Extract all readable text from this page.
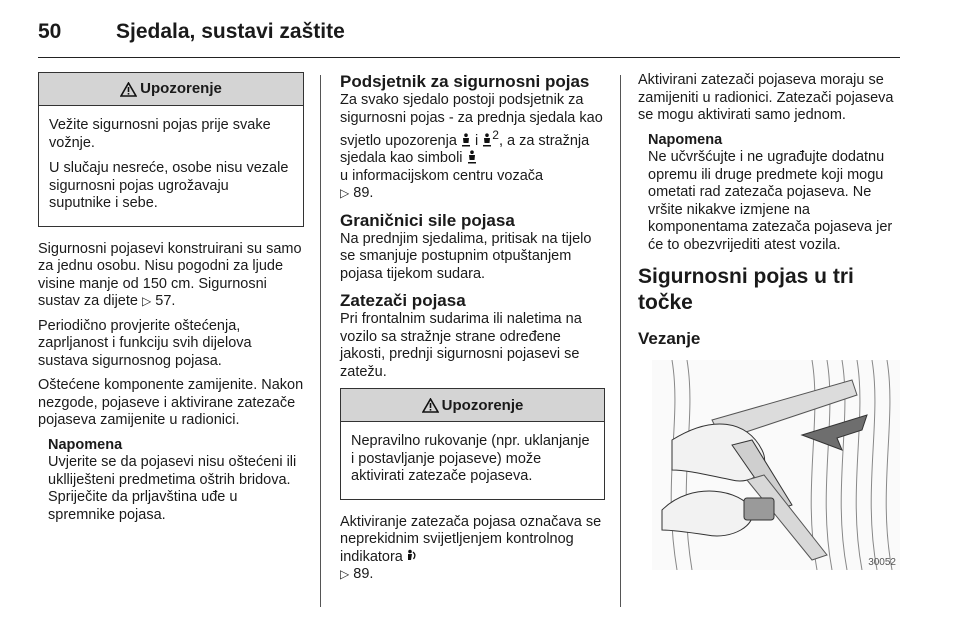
50	Sjedala, sustavi zaštite
Upozorenje

Vežite sigurnosni pojas prije svake vožnje.

U slučaju nesreće, osobe nisu vezale sigurnosni pojas ugrožavaju suputnike i sebe.

Sigurnosni pojasevi konstruirani su samo za jednu osobu. Nisu pogodni za ljude visine manje od 150 cm. Sigurnosni sustav za dijete ▷ 57.

Periodično provjerite oštećenja, zaprljanost i funkciju svih dijelova sustava sigurnosnog pojasa.

Oštećene komponente zamijenite. Nakon nezgode, pojaseve i aktivirane zatezače pojaseva zamijenite u radionici.

Napomena
Uvjerite se da pojasevi nisu oštećeni ili uklliješteni predmetima oštrih bridova. Spriječite da prljavština uđe u spremnike pojasa.
Podsjetnik za sigurnosni pojas

Za svako sjedalo postoji podsjetnik za sigurnosni pojas - za prednja sjedala kao svjetlo upozorenja i $^2$, a za stražnja sjedala kao simboli
u informacijskom centru vozača
▷ 89.

Graničnici sile pojasa

Na prednjim sjedalima, pritisak na tijelo se smanjuje postupnim otpuštanjem pojasa tijekom sudara.

Zatezači pojasa

Pri frontalnim sudarima ili naletima na vozilo sa stražnje strane određene jakosti, prednji sigurnosni pojasevi se zatežu.

Upozorenje

Nepravilno rukovanje (npr. uklanjanje i postavljanje pojaseve) može aktivirati zatezače pojaseva.

Aktiviranje zatezača pojasa označava se neprekidnim svijetljenjem kontrolnog indikatora
▷ 89.

Aktivirani zatezači pojaseva moraju se zamijeniti u radionici. Zatezači pojaseva se mogu aktivirati samo jednom.

Napomena
Ne učvršćujte i ne ugrađujte dodatnu opremu ili druge predmete koji mogu ometati rad zatezača pojaseva. Ne vršite nikakve izmjene na komponentama zatezača pojaseva jer će to obezvrijediti atest vozila.
Sigurnosni pojas u tri točke
Vezanje
30052
